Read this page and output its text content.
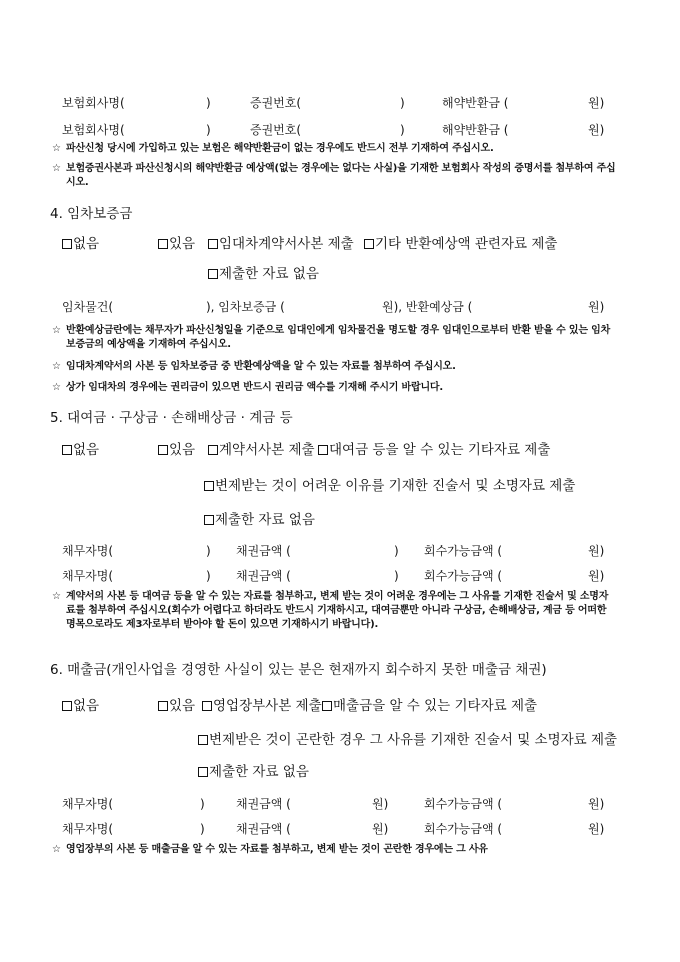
보험회사명(	)	증권번호(	)	해약반환금 (	원)
보험회사명(	)	증권번호(	)	해약반환금 (	원)
☆ 파산신청 당시에 가입하고 있는 보험은 해약반환금이 없는 경우에도 반드시 전부 기재하여 주십시오.
☆ 보험증권사본과 파산신청시의 해약반환금 예상액(없는 경우에는 없다는 사실)을 기재한 보험회사 작성의 증명서를 첨부하여 주십시오.
4. 임차보증금
없음	있음	임대차계약서사본 제출	기타 반환예상액 관련자료 제출
제출한 자료 없음
임차물건(	), 임차보증금 (	원), 반환예상금 (	원)
☆ 반환예상금란에는 채무자가 파산신청일을 기준으로 임대인에게 임차물건을 명도할 경우 임대인으로부터 반환 받을 수 있는 임차보증금의 예상액을 기재하여 주십시오.
☆ 임대차계약서의 사본 등 임차보증금 중 반환예상액을 알 수 있는 자료를 첨부하여 주십시오.
☆ 상가 임대차의 경우에는 권리금이 있으면 반드시 권리금 액수를 기재해 주시기 바랍니다.
5. 대여금 · 구상금 · 손해배상금 · 계금 등
없음	있음	계약서사본 제출	대여금 등을 알 수 있는 기타자료 제출
변제받는 것이 어려운 이유를 기재한 진술서 및 소명자료 제출
제출한 자료 없음
채무자명(	) 채권금액 (	) 회수가능금액 (	원)
채무자명(	) 채권금액 (	) 회수가능금액 (	원)
☆ 계약서의 사본 등 대여금 등을 알 수 있는 자료를 첨부하고, 변제 받는 것이 어려운 경우에는 그 사유를 기재한 진술서 및 소명자료를 첨부하여 주십시오(회수가 어렵다고 하더라도 반드시 기재하시고, 대여금뿐만 아니라 구상금, 손해배상금, 계금 등 어떠한 명목으로라도 제3자로부터 받아야 할 돈이 있으면 기재하시기 바랍니다).
6. 매출금(개인사업을 경영한 사실이 있는 분은 현재까지 회수하지 못한 매출금 채권)
없음	있음	영업장부사본 제출 매출금을 알 수 있는 기타자료 제출
변제받은 것이 곤란한 경우 그 사유를 기재한 진술서 및 소명자료 제출
제출한 자료 없음
채무자명(	)	채권금액 (	원)	회수가능금액 (	원)
채무자명(	)	채권금액 (	원)	회수가능금액 (	원)
☆ 영업장부의 사본 등 매출금을 알 수 있는 자료를 첨부하고, 변제 받는 것이 곤란한 경우에는 그 사유
